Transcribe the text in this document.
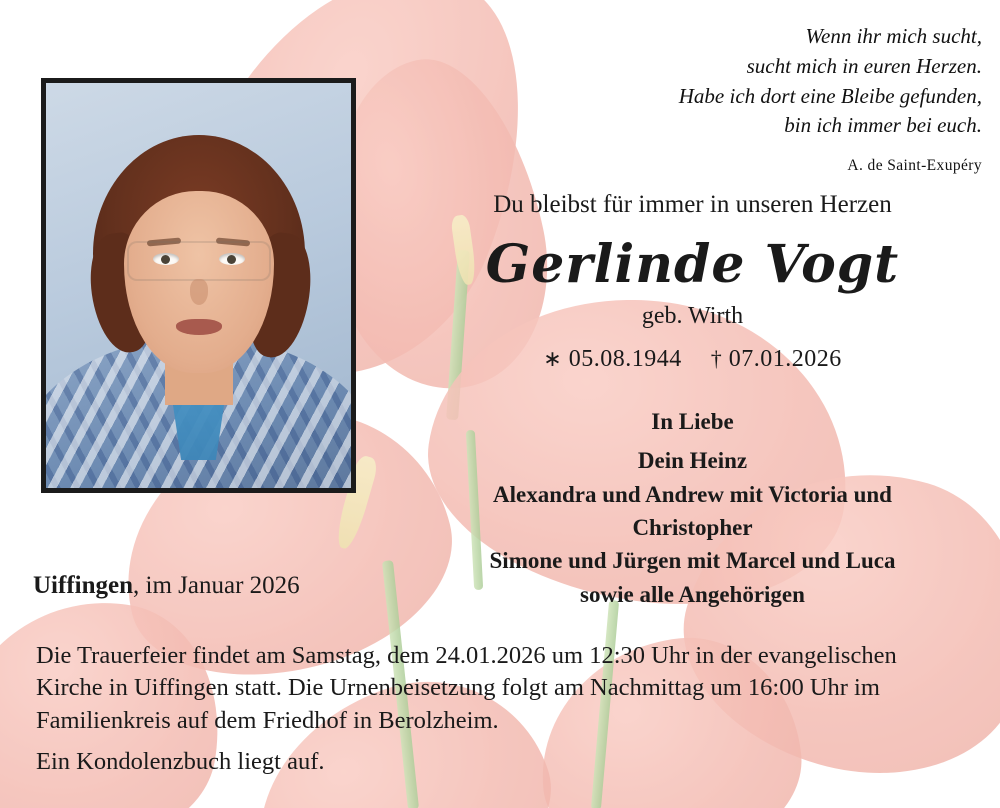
Wenn ihr mich sucht,
sucht mich in euren Herzen.
Habe ich dort eine Bleibe gefunden,
bin ich immer bei euch.
A. de Saint-Exupéry
Du bleibst für immer in unseren Herzen
Gerlinde Vogt
geb. Wirth
∗ 05.08.1944 † 07.01.2026
In Liebe
Dein Heinz
Alexandra und Andrew mit Victoria und
Christopher
Simone und Jürgen mit Marcel und Luca
sowie alle Angehörigen
Uiffingen, im Januar 2026
Die Trauerfeier findet am Samstag, dem 24.01.2026 um 12:30 Uhr in der evangelischen Kirche in Uiffingen statt. Die Urnenbeisetzung folgt am Nachmittag um 16:00 Uhr im Familienkreis auf dem Friedhof in Berolzheim.
Ein Kondolenzbuch liegt auf.
